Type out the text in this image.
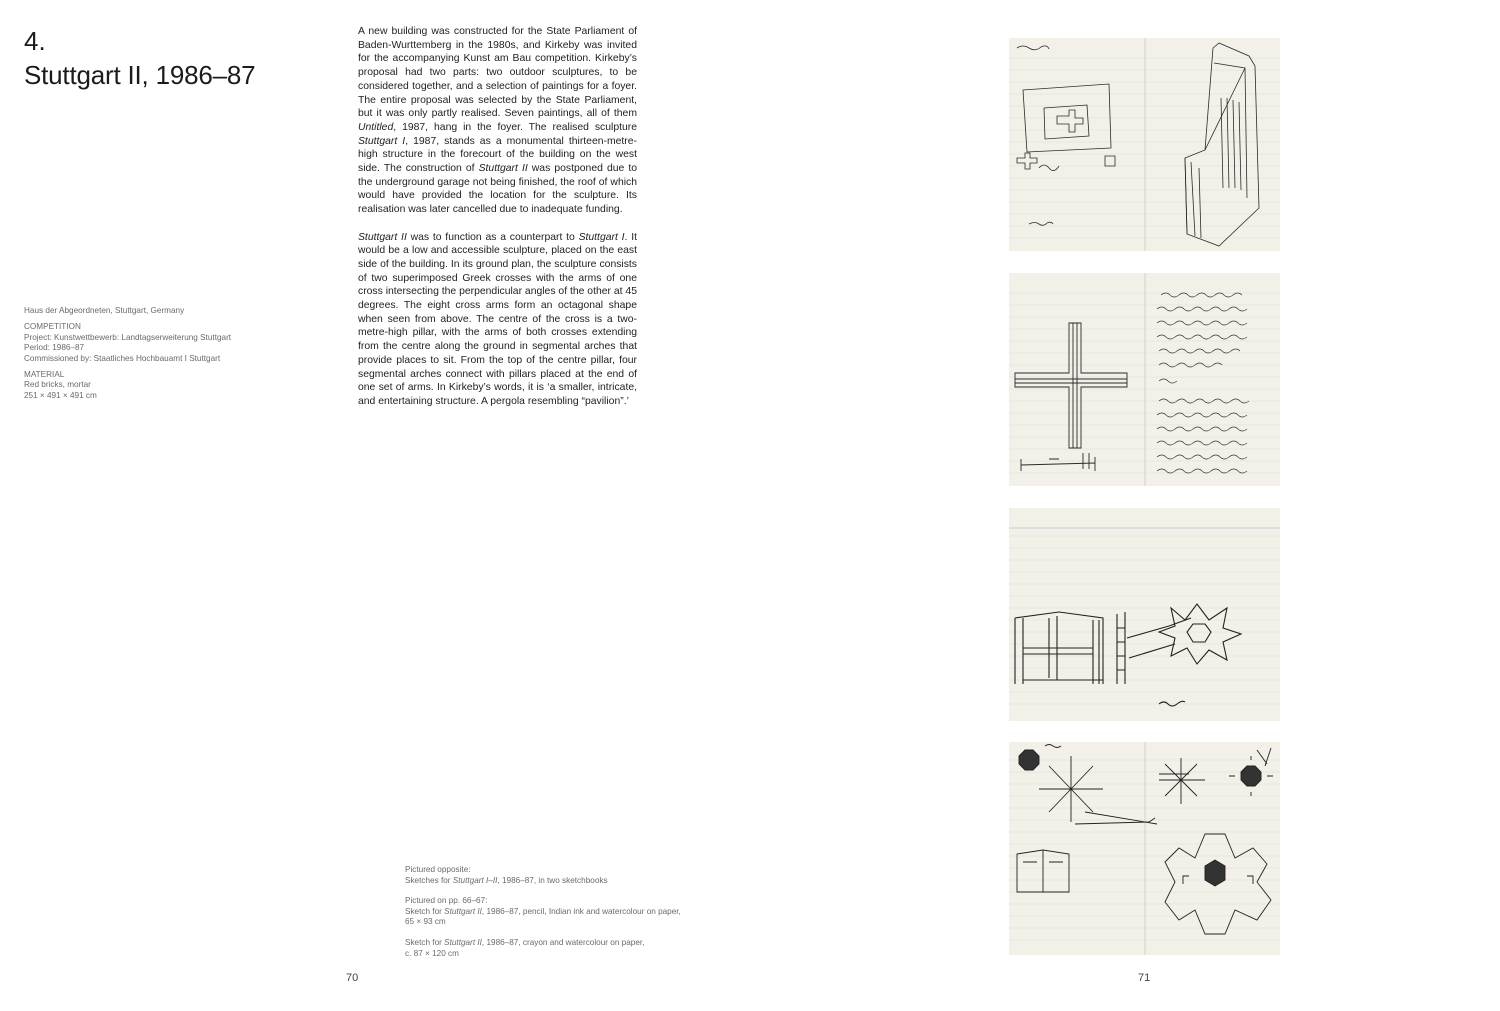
4.
Stuttgart II, 1986–87
Haus der Abgeordneten, Stuttgart, Germany
COMPETITION
Project: Kunstwettbewerb: Landtagserweiterung Stuttgart
Period: 1986–87
Commissioned by: Staatliches Hochbauamt I Stuttgart
MATERIAL
Red bricks, mortar
251 × 491 × 491 cm

A new building was constructed for the State Parliament of Baden-Wurttemberg in the 1980s, and Kirkeby was invited for the accompanying Kunst am Bau competition. Kirkeby’s proposal had two parts: two outdoor sculptures, to be considered together, and a selection of paintings for a foyer. The entire proposal was selected by the State Parliament, but it was only partly realised. Seven paintings, all of them Untitled, 1987, hang in the foyer. The realised sculpture Stuttgart I, 1987, stands as a monumental thirteen-metre-high structure in the forecourt of the building on the west side. The construction of Stuttgart II was postponed due to the underground garage not being finished, the roof of which would have provided the location for the sculpture. Its realisation was later cancelled due to inadequate funding.

Stuttgart II was to function as a counterpart to Stuttgart I. It would be a low and accessible sculpture, placed on the east side of the building. In its ground plan, the sculpture consists of two superimposed Greek crosses with the arms of one cross intersecting the perpendicular angles of the other at 45 degrees. The eight cross arms form an octagonal shape when seen from above. The centre of the cross is a two-metre-high pillar, with the arms of both crosses extending from the centre along the ground in segmental arches that provide places to sit. From the top of the centre pillar, four segmental arches connect with pillars placed at the end of one set of arms. In Kirkeby’s words, it is ‘a smaller, intricate, and entertaining structure. A pergola resembling “pavilion”.’

Pictured opposite:
Sketches for Stuttgart I–II, 1986–87, in two sketchbooks
Pictured on pp. 66–67:
Sketch for Stuttgart II, 1986–87, pencil, Indian ink and watercolour on paper,
65 × 93 cm
Sketch for Stuttgart II, 1986–87, crayon and watercolour on paper,
c. 87 × 120 cm
70	71
